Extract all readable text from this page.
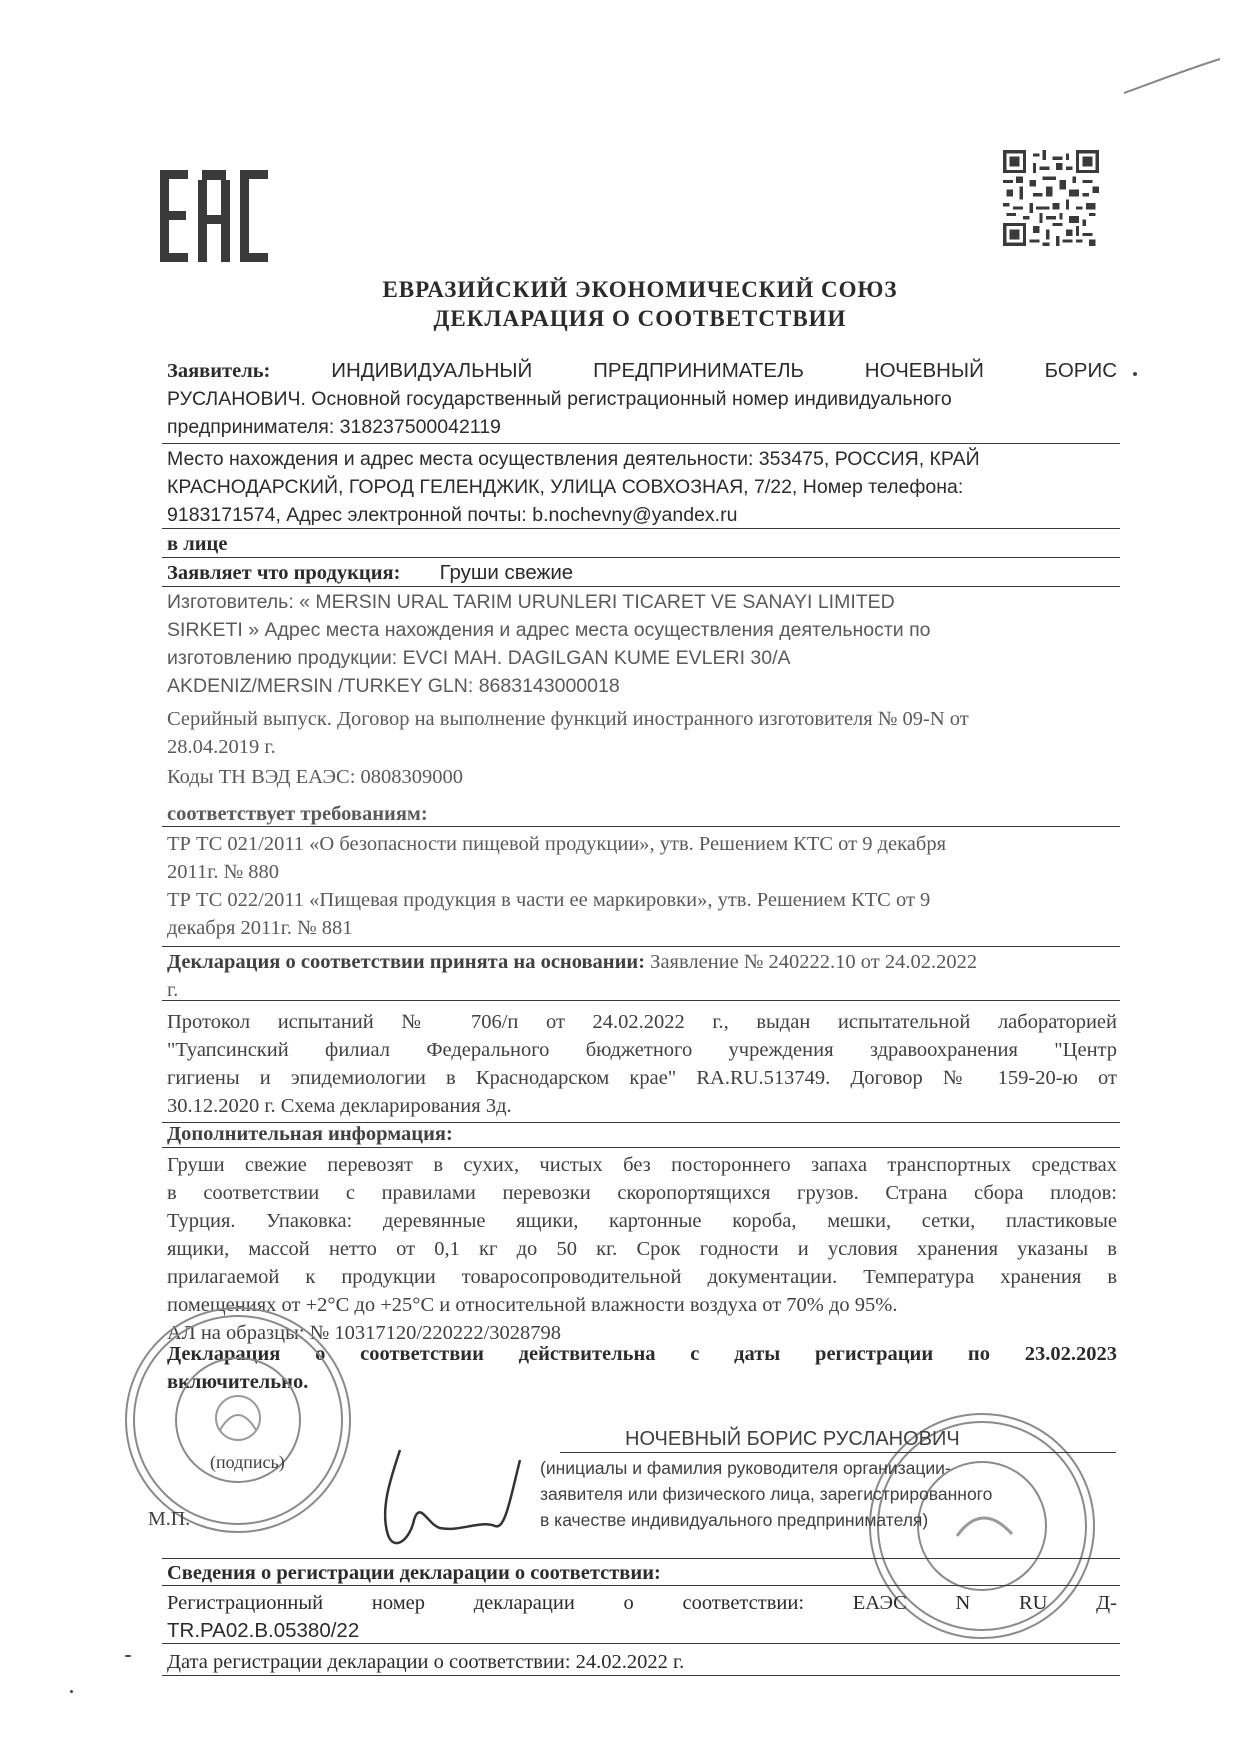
ЕВРАЗИЙСКИЙ ЭКОНОМИЧЕСКИЙ СОЮЗ
ДЕКЛАРАЦИЯ О СООТВЕТСТВИИ
Заявитель:	ИНДИВИДУАЛЬНЫЙ ПРЕДПРИНИМАТЕЛЬ НОЧЕВНЫЙ БОРИС
РУСЛАНОВИЧ. Основной государственный регистрационный номер индивидуального
предпринимателя: 318237500042119
Место нахождения и адрес места осуществления деятельности: 353475, РОССИЯ, КРАЙ
КРАСНОДАРСКИЙ, ГОРОД ГЕЛЕНДЖИК, УЛИЦА СОВХОЗНАЯ, 7/22, Номер телефона:
9183171574, Адрес электронной почты: b.nochevny@yandex.ru
в лице
Заявляет что продукция: Груши свежие
Изготовитель: « MERSIN URAL TARIM URUNLERI TICARET VE SANAYI LIMITED
SIRKETI » Адрес места нахождения и адрес места осуществления деятельности по
изготовлению продукции: EVCI MAH. DAGILGAN KUME EVLERI 30/A
AKDENIZ/MERSIN /TURKEY GLN: 8683143000018
Серийный выпуск. Договор на выполнение функций иностранного изготовителя № 09-N от
28.04.2019 г.
Коды ТН ВЭД ЕАЭС: 0808309000
соответствует требованиям:
ТР ТС 021/2011 «О безопасности пищевой продукции», утв. Решением КТС от 9 декабря
2011г. № 880
ТР ТС 022/2011 «Пищевая продукция в части ее маркировки», утв. Решением КТС от 9
декабря 2011г. № 881
Декларация о соответствии принята на основании: Заявление № 240222.10 от 24.02.2022
г.
Протокол испытаний № 706/п от 24.02.2022 г., выдан испытательной лабораторией
"Туапсинский филиал Федерального бюджетного учреждения здравоохранения "Центр
гигиены и эпидемиологии в Краснодарском крае" RA.RU.513749. Договор № 159-20-ю от
30.12.2020 г. Схема декларирования 3д.
Дополнительная информация:
Груши свежие перевозят в сухих, чистых без постороннего запаха транспортных средствах
в соответствии с правилами перевозки скоропортящихся грузов. Страна сбора плодов:
Турция. Упаковка: деревянные ящики, картонные короба, мешки, сетки, пластиковые
ящики, массой нетто от 0,1 кг до 50 кг. Срок годности и условия хранения указаны в
прилагаемой к продукции товаросопроводительной документации. Температура хранения в
помещениях от +2°С до +25°С и относительной влажности воздуха от 70% до 95%.
АЛ на образцы: № 10317120/220222/3028798
Декларация о соответствии действительна с даты регистрации по 23.02.2023
включительно.
НОЧЕВНЫЙ БОРИС РУСЛАНОВИЧ
(подпись)
М.П.
(инициалы и фамилия руководителя организации-
заявителя или физического лица, зарегистрированного
в качестве индивидуального предпринимателя)
Сведения о регистрации декларации о соответствии:
Регистрационный номер декларации о соответствии: ЕАЭС N RU Д-
TR.PA02.B.05380/22
Дата регистрации декларации о соответствии: 24.02.2022 г.
